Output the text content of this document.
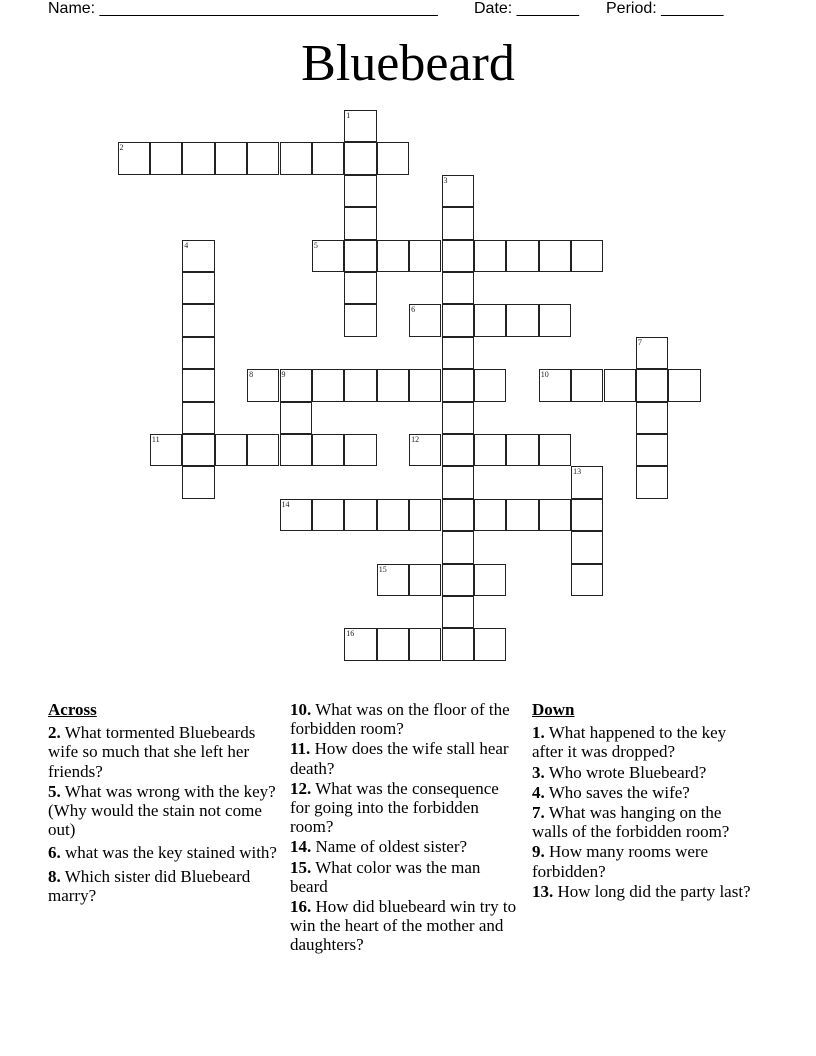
Name: ______________________________________ Date: _______ Period: _______
Bluebeard
1
2
3
4	5
6
7
8	9	10
11	12
13
14
15
16
Across
2. What tormented Bluebeards wife so much that she left her friends?
5. What was wrong with the key? (Why would the stain not come out)
6. what was the key stained with?
8. Which sister did Bluebeard marry?
10. What was on the floor of the forbidden room?
11. How does the wife stall hear death?
12. What was the consequence for going into the forbidden room?
14. Name of oldest sister?
15. What color was the man beard
16. How did bluebeard win try to win the heart of the mother and daughters?
Down
1. What happened to the key after it was dropped?
3. Who wrote Bluebeard?
4. Who saves the wife?
7. What was hanging on the walls of the forbidden room?
9. How many rooms were forbidden?
13. How long did the party last?
